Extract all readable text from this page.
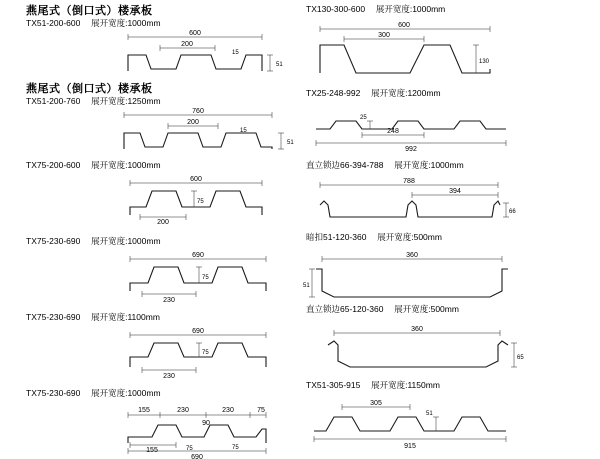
燕尾式（倒口式）楼承板
TX51-200-600 展开宽度:1000mm
600
200
51
15
燕尾式（倒口式）楼承板
TX51-200-760 展开宽度:1250mm
760
200
51
15
TX75-200-600 展开宽度:1000mm
600
200
75
TX75-230-690 展开宽度:1000mm
690
230
75
TX75-230-690 展开宽度:1100mm
690
230
75
TX75-230-690 展开宽度:1000mm
155	230	230	75
90
155	75	75
690
TX130-300-600 展开宽度:1000mm
600
300
130
TX25-248-992 展开宽度:1200mm
25
248
992
直立锁边66-394-788 展开宽度:1000mm
788
394
66
暗扣51-120-360 展开宽度:500mm
360
51
直立锁边65-120-360 展开宽度:500mm
360
65
TX51-305-915 展开宽度:1150mm
305
51
915
